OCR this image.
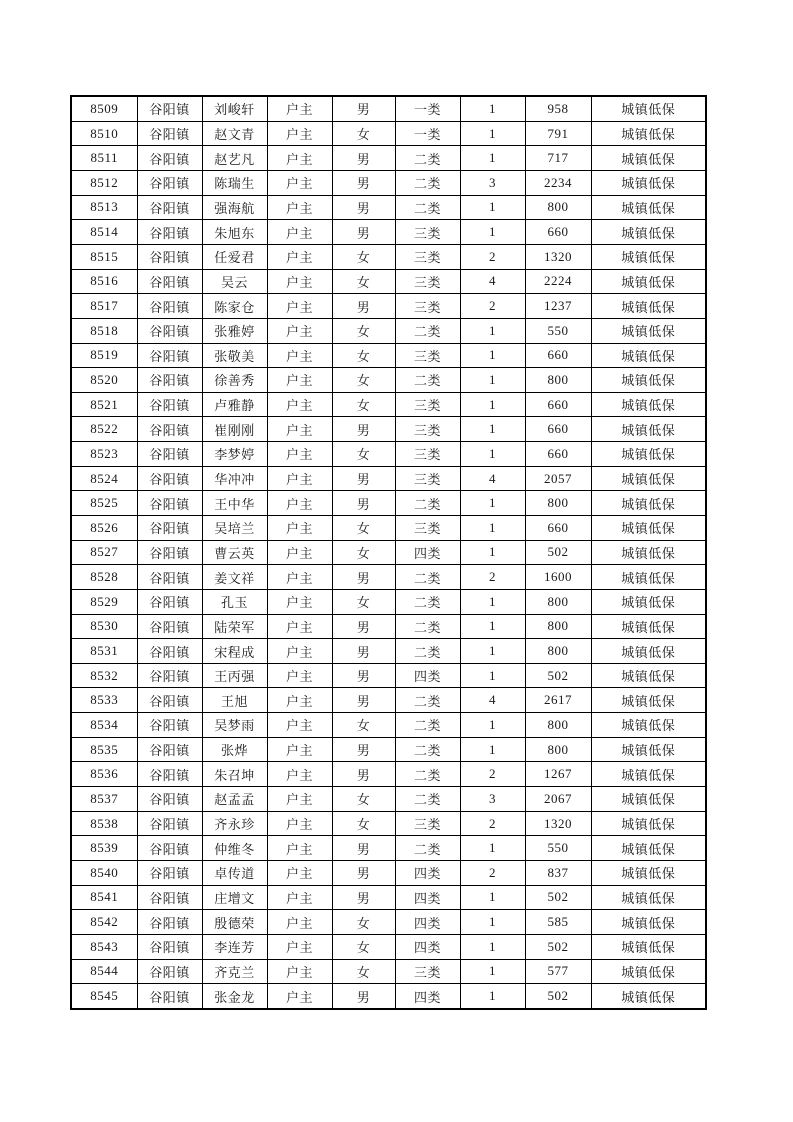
8509	谷阳镇	刘峻轩	户主	男	一类	1	958	城镇低保
8510	谷阳镇	赵文青	户主	女	一类	1	791	城镇低保
8511	谷阳镇	赵艺凡	户主	男	二类	1	717	城镇低保
8512	谷阳镇	陈瑞生	户主	男	二类	3	2234	城镇低保
8513	谷阳镇	强海航	户主	男	二类	1	800	城镇低保
8514	谷阳镇	朱旭东	户主	男	三类	1	660	城镇低保
8515	谷阳镇	任爱君	户主	女	三类	2	1320	城镇低保
8516	谷阳镇	吴云	户主	女	三类	4	2224	城镇低保
8517	谷阳镇	陈家仓	户主	男	三类	2	1237	城镇低保
8518	谷阳镇	张雅婷	户主	女	二类	1	550	城镇低保
8519	谷阳镇	张敬美	户主	女	三类	1	660	城镇低保
8520	谷阳镇	徐善秀	户主	女	二类	1	800	城镇低保
8521	谷阳镇	卢雅静	户主	女	三类	1	660	城镇低保
8522	谷阳镇	崔刚刚	户主	男	三类	1	660	城镇低保
8523	谷阳镇	李梦婷	户主	女	三类	1	660	城镇低保
8524	谷阳镇	华冲冲	户主	男	三类	4	2057	城镇低保
8525	谷阳镇	王中华	户主	男	二类	1	800	城镇低保
8526	谷阳镇	吴培兰	户主	女	三类	1	660	城镇低保
8527	谷阳镇	曹云英	户主	女	四类	1	502	城镇低保
8528	谷阳镇	姜文祥	户主	男	二类	2	1600	城镇低保
8529	谷阳镇	孔玉	户主	女	二类	1	800	城镇低保
8530	谷阳镇	陆荣军	户主	男	二类	1	800	城镇低保
8531	谷阳镇	宋程成	户主	男	二类	1	800	城镇低保
8532	谷阳镇	王丙强	户主	男	四类	1	502	城镇低保
8533	谷阳镇	王旭	户主	男	二类	4	2617	城镇低保
8534	谷阳镇	吴梦雨	户主	女	二类	1	800	城镇低保
8535	谷阳镇	张烨	户主	男	二类	1	800	城镇低保
8536	谷阳镇	朱召坤	户主	男	二类	2	1267	城镇低保
8537	谷阳镇	赵孟孟	户主	女	二类	3	2067	城镇低保
8538	谷阳镇	齐永珍	户主	女	三类	2	1320	城镇低保
8539	谷阳镇	仲维冬	户主	男	二类	1	550	城镇低保
8540	谷阳镇	卓传道	户主	男	四类	2	837	城镇低保
8541	谷阳镇	庄增文	户主	男	四类	1	502	城镇低保
8542	谷阳镇	殷德荣	户主	女	四类	1	585	城镇低保
8543	谷阳镇	李连芳	户主	女	四类	1	502	城镇低保
8544	谷阳镇	齐克兰	户主	女	三类	1	577	城镇低保
8545	谷阳镇	张金龙	户主	男	四类	1	502	城镇低保
